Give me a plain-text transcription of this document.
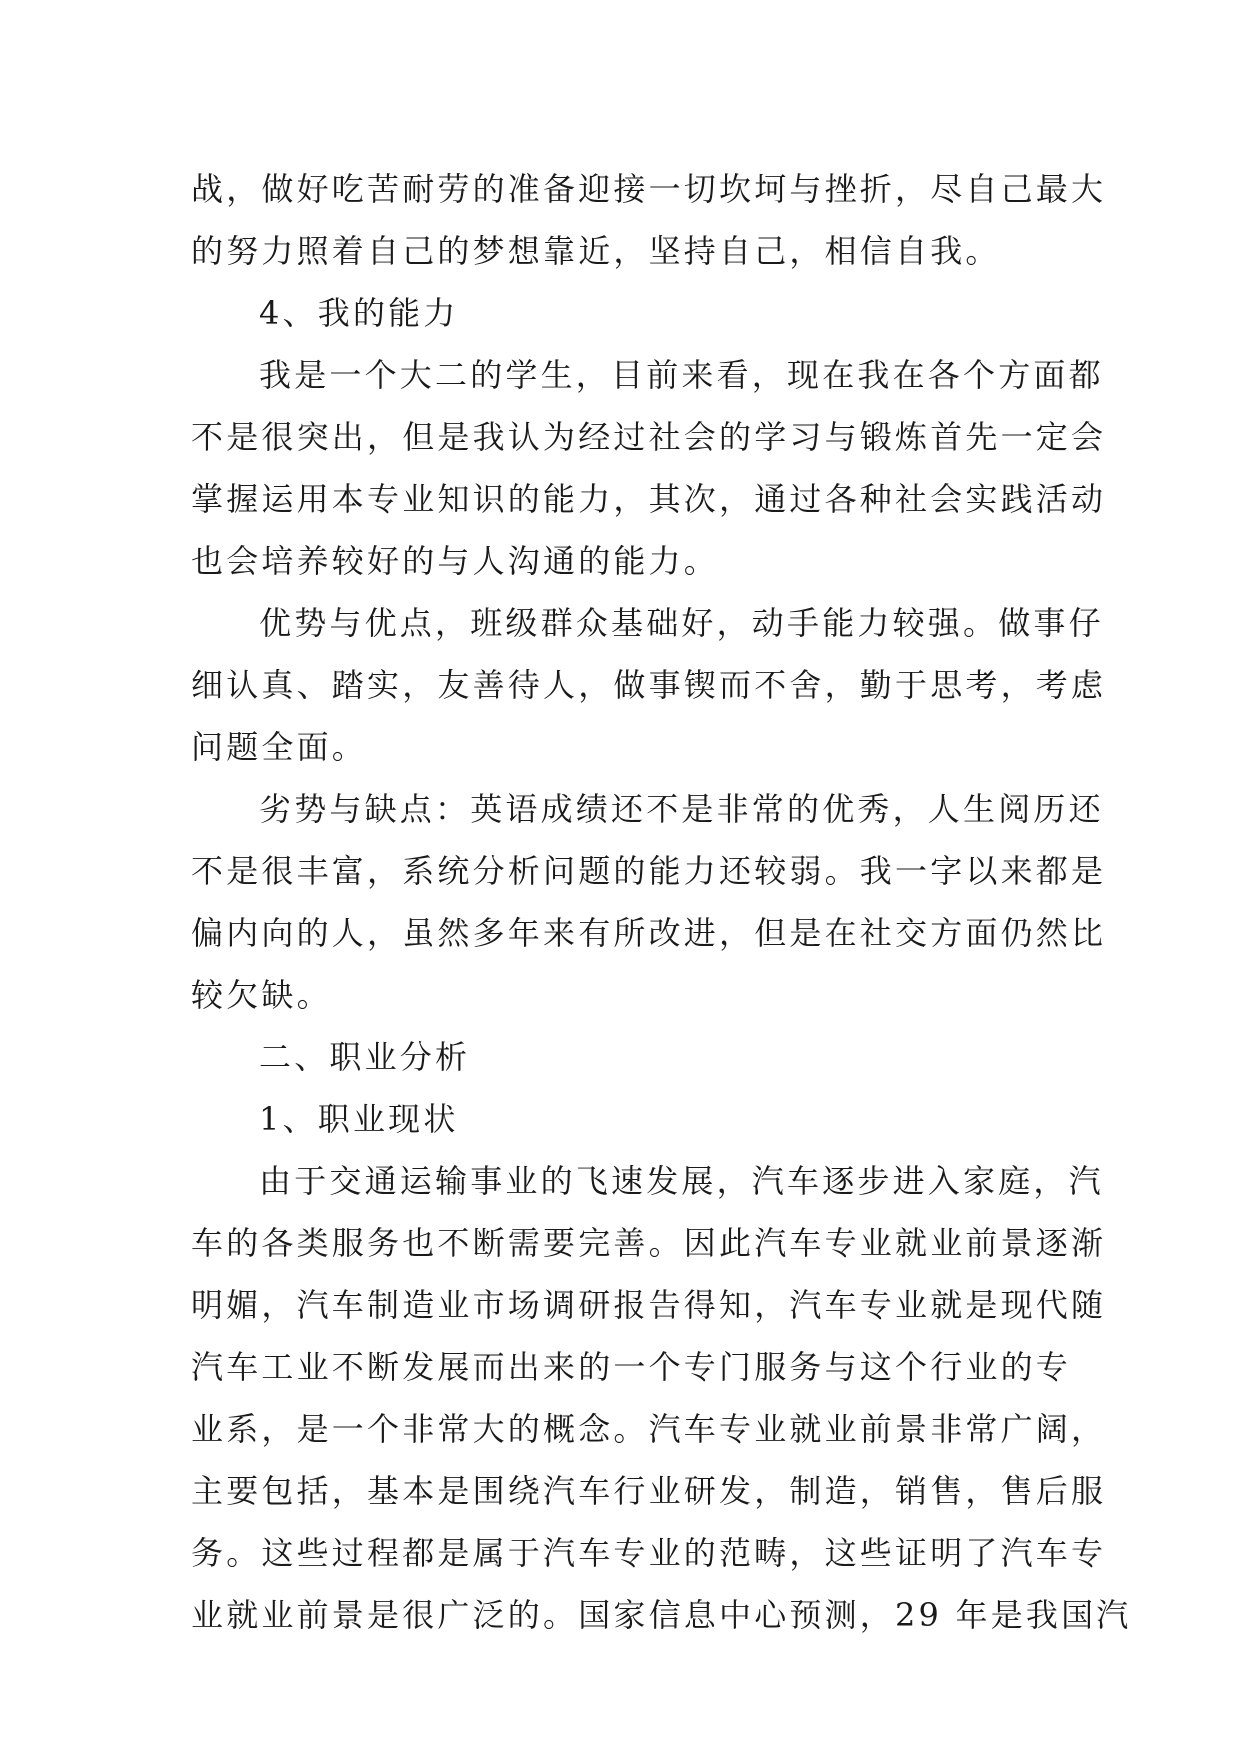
战，做好吃苦耐劳的准备迎接一切坎坷与挫折，尽自己最大
的努力照着自己的梦想靠近，坚持自己，相信自我。
4、我的能力
我是一个大二的学生，目前来看，现在我在各个方面都
不是很突出，但是我认为经过社会的学习与锻炼首先一定会
掌握运用本专业知识的能力，其次，通过各种社会实践活动
也会培养较好的与人沟通的能力。
优势与优点，班级群众基础好，动手能力较强。做事仔
细认真、踏实，友善待人，做事锲而不舍，勤于思考，考虑
问题全面。
劣势与缺点：英语成绩还不是非常的优秀，人生阅历还
不是很丰富，系统分析问题的能力还较弱。我一字以来都是
偏内向的人，虽然多年来有所改进，但是在社交方面仍然比
较欠缺。
二、职业分析
1、职业现状
由于交通运输事业的飞速发展，汽车逐步进入家庭，汽
车的各类服务也不断需要完善。因此汽车专业就业前景逐渐
明媚，汽车制造业市场调研报告得知，汽车专业就是现代随
汽车工业不断发展而出来的一个专门服务与这个行业的专
业系，是一个非常大的概念。汽车专业就业前景非常广阔，
主要包括，基本是围绕汽车行业研发，制造，销售，售后服
务。这些过程都是属于汽车专业的范畴，这些证明了汽车专
业就业前景是很广泛的。国家信息中心预测，29 年是我国汽
